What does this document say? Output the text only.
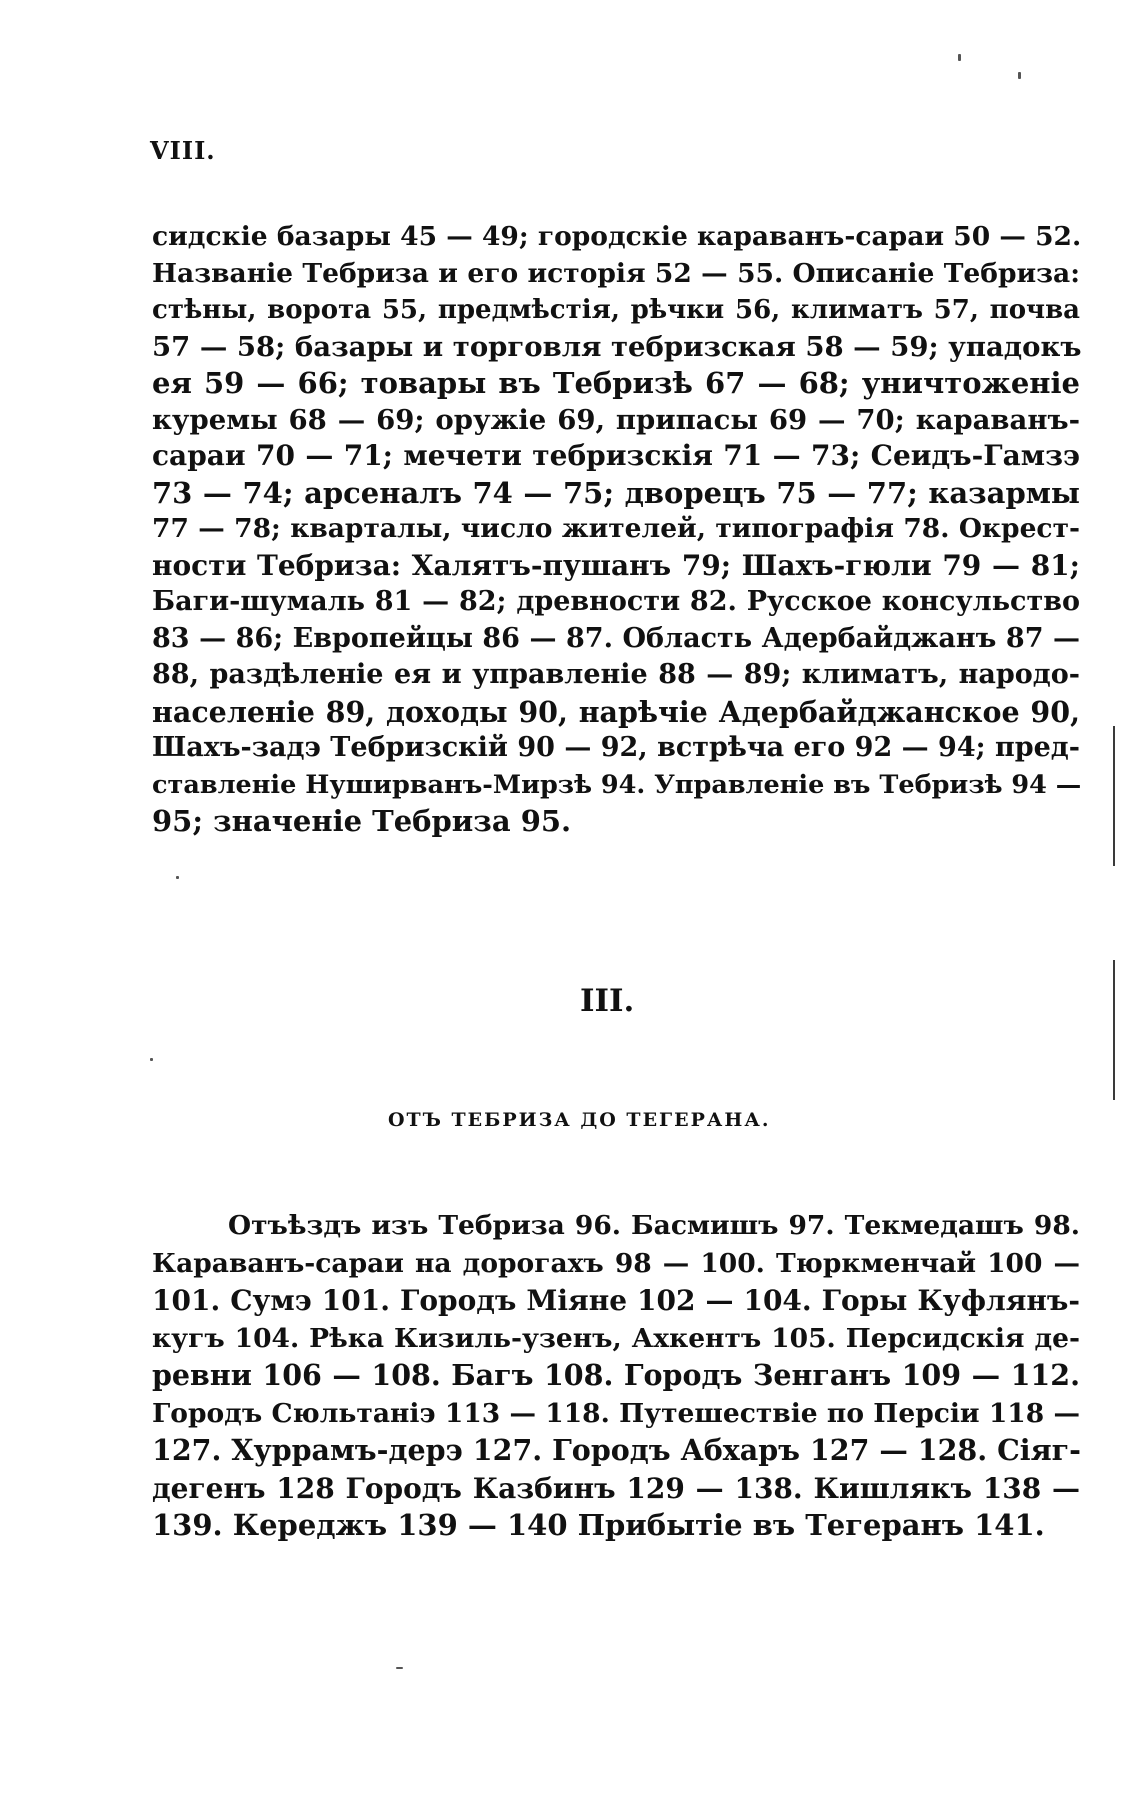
VIII.
сидскіе базары 45 — 49; городскіе караванъ-сараи 50 — 52.
Названіе Тебриза и его исторія 52 — 55. Описаніе Тебриза:
стѣны, ворота 55, предмѣстія, рѣчки 56, климатъ 57, почва
57 — 58; базары и торговля тебризская 58 — 59; упадокъ
ея 59 — 66; товары въ Тебризѣ 67 — 68; уничтоженіе
куремы 68 — 69; оружіе 69, припасы 69 — 70; караванъ-
сараи 70 — 71; мечети тебризскія 71 — 73; Сеидъ-Гамзэ
73 — 74; арсеналъ 74 — 75; дворецъ 75 — 77; казармы
77 — 78; кварталы, число жителей, типографія 78. Окрест-
ности Тебриза: Халятъ-пушанъ 79; Шахъ-гюли 79 — 81;
Баги-шумаль 81 — 82; древности 82. Русское консульство
83 — 86; Европейцы 86 — 87. Область Адербайджанъ 87 —
88, раздѣленіе ея и управленіе 88 — 89; климатъ, народо-
населеніе 89, доходы 90, нарѣчіе Адербайджанское 90,
Шахъ-задэ Тебризскій 90 — 92, встрѣча его 92 — 94; пред-
ставленіе Нуширванъ-Мирзѣ 94. Управленіе въ Тебризѣ 94 —
95; значеніе Тебриза 95.
III.
ОТЪ ТЕБРИЗА ДО ТЕГЕРАНА.
Отъѣздъ изъ Тебриза 96. Басмишъ 97. Текмедашъ 98.
Караванъ-сараи на дорогахъ 98 — 100. Тюркменчай 100 —
101. Сумэ 101. Городъ Міяне 102 — 104. Горы Куфлянъ-
кугъ 104. Рѣка Кизиль-узенъ, Ахкентъ 105. Персидскія де-
ревни 106 — 108. Багъ 108. Городъ Зенганъ 109 — 112.
Городъ Сюльтаніэ 113 — 118. Путешествіе по Персіи 118 —
127. Хуррамъ-дерэ 127. Городъ Абхаръ 127 — 128. Сіяг-
дегенъ 128 Городъ Казбинъ 129 — 138. Кишлякъ 138 —
139. Кереджъ 139 — 140 Прибытіе въ Тегеранъ 141.
